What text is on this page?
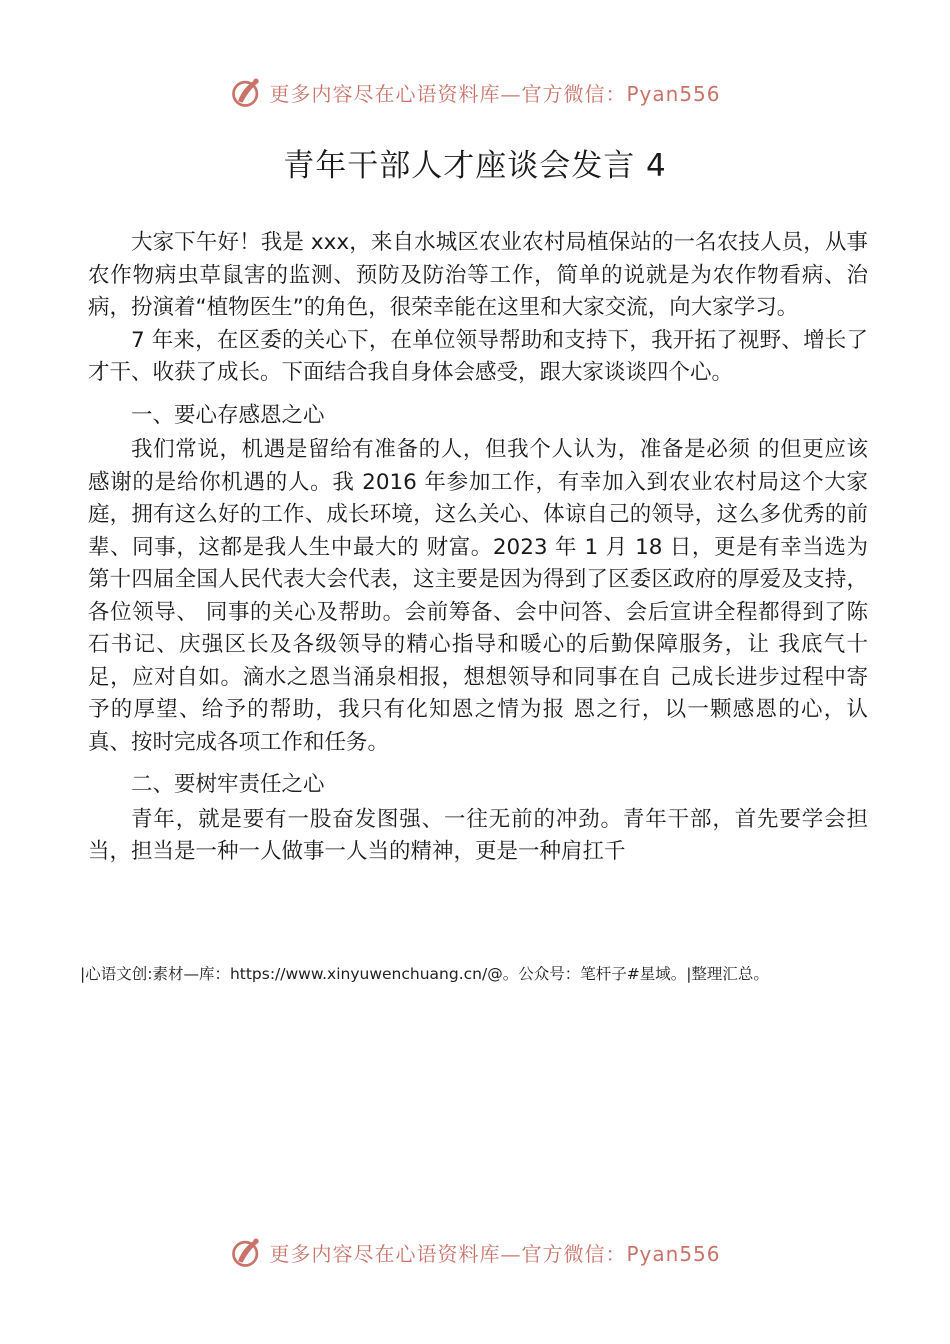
更多内容尽在心语资料库—官方微信：Pyan556
青年干部人才座谈会发言 4

大家下午好！我是 xxx，来自水城区农业农村局植保站的一名农技人员，从事农作物病虫草鼠害的监测、预防及防治等工作，简单的说就是为农作物看病、治病，扮演着“植物医生”的角色，很荣幸能在这里和大家交流，向大家学习。

7 年来，在区委的关心下，在单位领导帮助和支持下，我开拓了视野、增长了才干、收获了成长。下面结合我自身体会感受，跟大家谈谈四个心。

一、要心存感恩之心

我们常说，机遇是留给有准备的人，但我个人认为，准备是必须 的但更应该感谢的是给你机遇的人。我 2016 年参加工作，有幸加入到农业农村局这个大家庭，拥有这么好的工作、成长环境，这么关心、体谅自己的领导，这么多优秀的前辈、同事，这都是我人生中最大的 财富。2023 年 1 月 18 日，更是有幸当选为第十四届全国人民代表大会代表，这主要是因为得到了区委区政府的厚爱及支持，各位领导、 同事的关心及帮助。会前筹备、会中问答、会后宣讲全程都得到了陈 石书记、庆强区长及各级领导的精心指导和暖心的后勤保障服务，让 我底气十足，应对自如。滴水之恩当涌泉相报，想想领导和同事在自 己成长进步过程中寄予的厚望、给予的帮助，我只有化知恩之情为报 恩之行，以一颗感恩的心，认真、按时完成各项工作和任务。

二、要树牢责任之心

青年，就是要有一股奋发图强、一往无前的冲劲。青年干部，首先要学会担当，担当是一种一人做事一人当的精神，更是一种肩扛千

|心语文创:素材—库：https://www.xinyuwenchuang.cn/@。公众号：笔杆子#星域。|整理汇总。
更多内容尽在心语资料库—官方微信：Pyan556
